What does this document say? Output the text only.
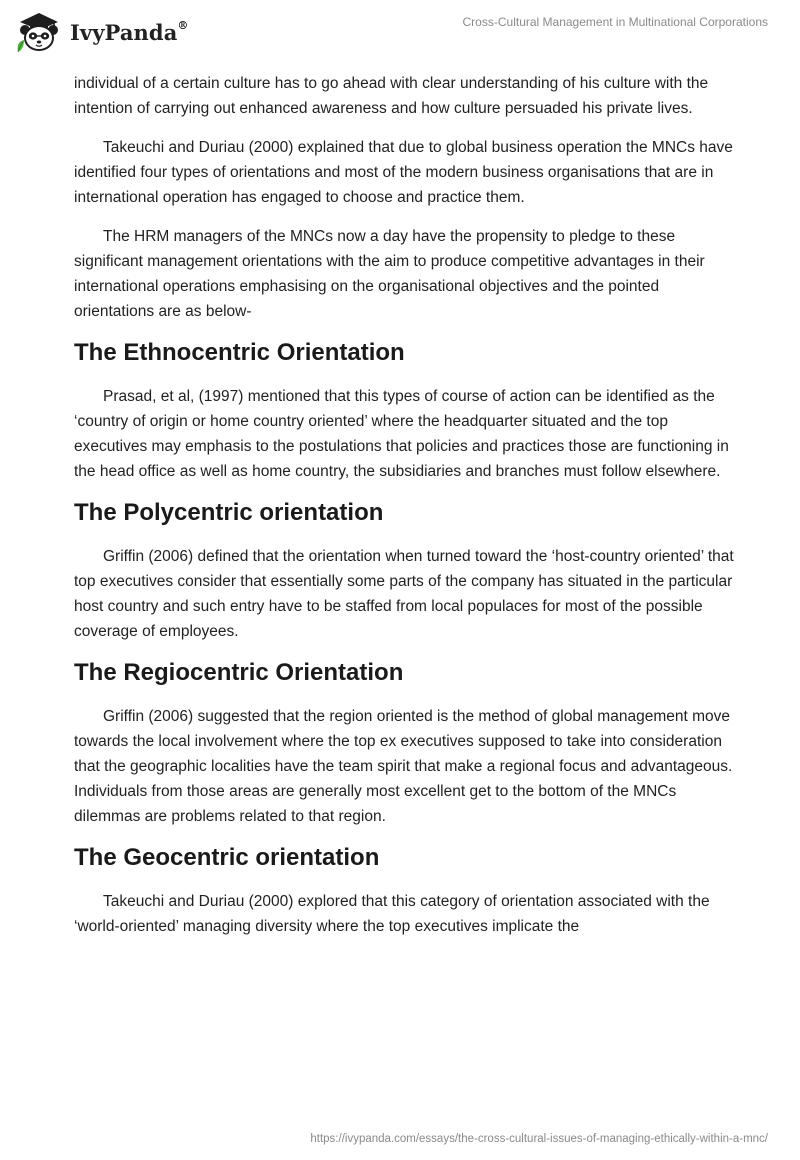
IvyPanda®	Cross-Cultural Management in Multinational Corporations

individual of a certain culture has to go ahead with clear understanding of his culture with the intention of carrying out enhanced awareness and how culture persuaded his private lives.

Takeuchi and Duriau (2000) explained that due to global business operation the MNCs have identified four types of orientations and most of the modern business organisations that are in international operation has engaged to choose and practice them.

The HRM managers of the MNCs now a day have the propensity to pledge to these significant management orientations with the aim to produce competitive advantages in their international operations emphasising on the organisational objectives and the pointed orientations are as below-

The Ethnocentric Orientation

Prasad, et al, (1997) mentioned that this types of course of action can be identified as the ‘country of origin or home country oriented’ where the headquarter situated and the top executives may emphasis to the postulations that policies and practices those are functioning in the head office as well as home country, the subsidiaries and branches must follow elsewhere.

The Polycentric orientation

Griffin (2006) defined that the orientation when turned toward the ‘host-country oriented’ that top executives consider that essentially some parts of the company has situated in the particular host country and such entry have to be staffed from local populaces for most of the possible coverage of employees.

The Regiocentric Orientation

Griffin (2006) suggested that the region oriented is the method of global management move towards the local involvement where the top ex executives supposed to take into consideration that the geographic localities have the team spirit that make a regional focus and advantageous. Individuals from those areas are generally most excellent get to the bottom of the MNCs dilemmas are problems related to that region.

The Geocentric orientation

Takeuchi and Duriau (2000) explored that this category of orientation associated with the ‘world-oriented’ managing diversity where the top executives implicate the

https://ivypanda.com/essays/the-cross-cultural-issues-of-managing-ethically-within-a-mnc/
